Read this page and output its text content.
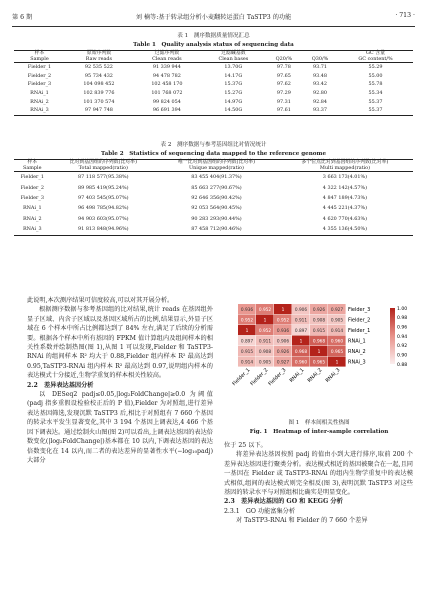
第 6 期	刘 楠等:基于转录组分析小麦翻转运蛋白 TaSTP3 的功能	· 713 ·
表 1　测序数据质量情况汇总
Table 1　Quality analysis status of sequencing data
样本	原始序列数	过滤序列数	过滤碱基数			GC 含量
Sample	Raw reads	Clean reads	Clean bases	Q20/%	Q30/%	GC content/%
Fielder_1	92 535 522	91 339 944	13.70G	97.78	93.71	55.29
Fielder_2	95 734 432	94 478 782	14.17G	97.65	93.48	55.00
Fielder_3	104 098 452	102 458 170	15.37G	97.62	93.42	55.78
RNAi_1	102 839 776	101 768 072	15.27G	97.29	92.80	55.34
RNAi_2	101 370 574	99 824 054	14.97G	97.31	92.84	55.37
RNAi_3	97 947 748	96 691 394	14.50G	97.61	93.37	55.37
表 2　测序数据与参考基因组比对情况统计
Table 2　Statistics of sequencing data mapped to the reference genome
样本	比对到基因组的序列数(比对率)	唯一比对到基因组的序列数(比对率)	多个位点比对到基因组的序列数(比对率)
Sample	Total mapped(ratio)	Unique mapped(ratio)	Multi mapped(ratio)
Fielder_1	87 118 577(95.38%)	83 455 404(91.37%)	3 663 173(4.01%)
Fielder_2	89 985 419(95.24%)	85 663 277(90.67%)	4 322 142(4.57%)
Fielder_3	97 403 545(95.07%)	92 646 356(90.42%)	4 847 189(4.73%)
RNAi_1	96 498 785(94.82%)	92 053 564(90.45%)	4 445 221(4.37%)
RNAi_2	94 903 603(95.07%)	90 283 293(90.44%)	4 620 770(4.63%)
RNAi_3	91 813 848(94.96%)	87 458 712(90.46%)	4 355 136(4.50%)

此说明,本次测序结果可信度较高,可以对其开展分析。

根据测序数据与参考基因组的比对结果,统计 reads 在基因组外显子区域、内含子区域以及基因区域所占的比例,结果显示,外显子区域在 6 个样本中所占比例都达到了 84% 左右,满足了后续的分析需要。根据各个样本中所有基因的 FPKM 值计算组内及组间样本的相关性系数并绘制热图(图 1),从图 1 可以发现,Fielder 和 TaSTP3-RNAi 的组间样本 R² 均大于 0.88,Fielder 组内样本 R² 最高达到 0.95,TaSTP3-RNAi 组内样本 R² 最高达到 0.97,说明组内样本的表达模式十分接近,生物学重复的样本相关性较高。

2.2　差异表达基因分析

以 DESeq2 padj≤0.05,|log₂FoldChange|≥0.0 为阈值(padj 指多重假设检验校正后的 P 值),Fielder 为对照组,进行差异表达基因筛选,发现沉默 TaSTP3 后,相比于对照组有 7 660 个基因的转录水平发生显著变化,其中 3 194 个基因上调表达,4 466 个基因下调表达。通过绘制火山图(图 2)可以看出,上调表达基因的表达倍数变化(|log₂FoldChange|)基本都在 10 以内,下调表达基因的表达倍数变化在 14 以内,而二者的表达差异的显著性水平(−log₁₀padj)大部分

0.936 0.952 1 0.906 0.926 0.927
0.952 1 0.952 0.911 0.908 0.905
1 0.952 0.936 0.897 0.915 0.914
0.897 0.911 0.906 1 0.968 0.960
0.915 0.908 0.926 0.968 1 0.965
0.914 0.905 0.927 0.960 0.965 1
Fielder_3
Fielder_2
Fielder_1
RNAi_1
RNAi_2
RNAi_3
Fielder_1
Fielder_2
Fielder_3 RNAi_1 RNAi_2 RNAi_3
1.00
0.98
0.96
0.94
0.92
0.90
0.88
图 1　样本间相关性热图
Fig. 1　Heatmap of inter-sample correlation

位于 25 以下。

将差异表达基因按照 padj 的值由小到大进行排序,取前 200 个差异表达基因进行聚类分析。表达模式相近的基因被聚合在一起,且同一基因在 Fielder 或 TaSTP3-RNAi 的组内生物学重复中的表达模式相似,组间的表达模式则完全相反(图 3),表明沉默 TaSTP3 对这些基因的转录水平与对照组相比确实是明显变化。

2.3　差异表达基因的 GO 和 KEGG 分析

2.3.1　GO 功能富集分析

对 TaSTP3-RNAi 和 Fielder 的 7 660 个差异
